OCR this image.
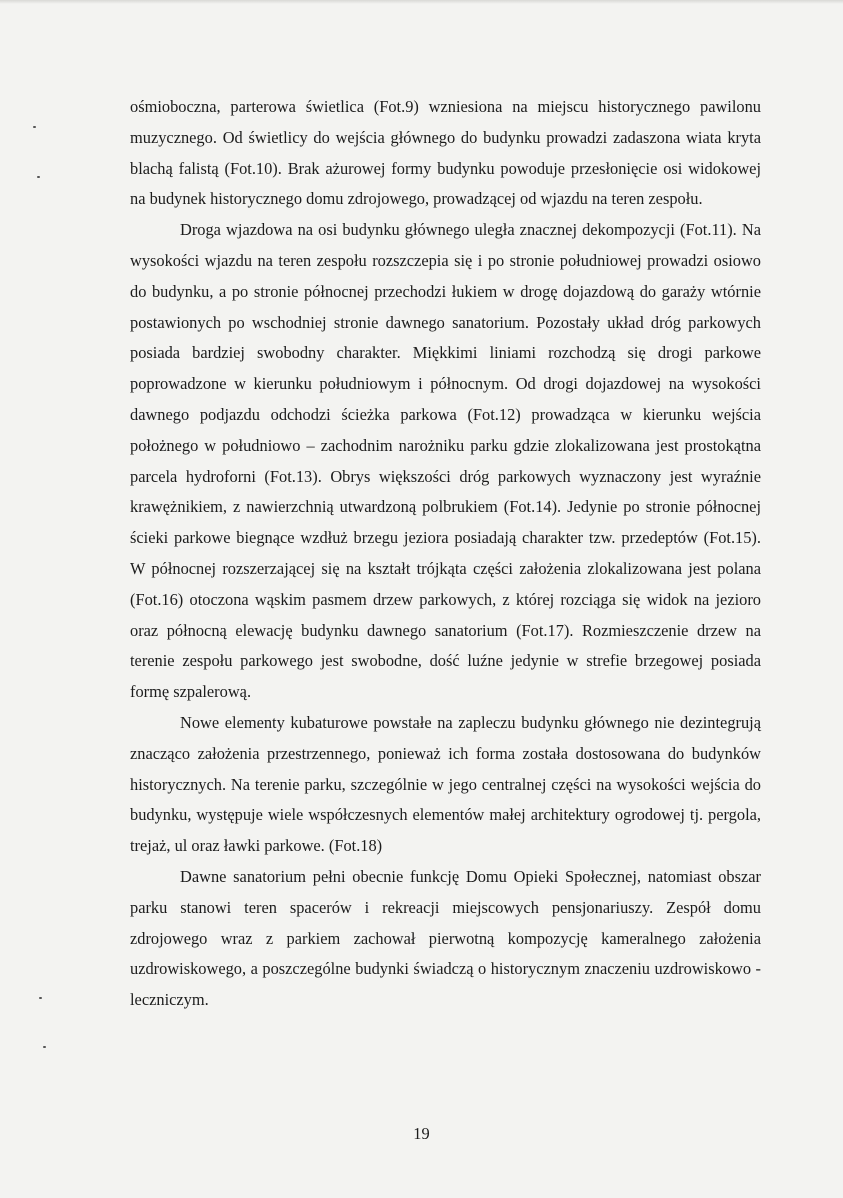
ośmioboczna, parterowa świetlica (Fot.9) wzniesiona na miejscu historycznego pawilonu muzycznego. Od świetlicy do wejścia głównego do budynku prowadzi zadaszona wiata kryta blachą falistą (Fot.10). Brak ażurowej formy budynku powoduje przesłonięcie osi widokowej na budynek historycznego domu zdrojowego, prowadzącej od wjazdu na teren zespołu.

Droga wjazdowa na osi budynku głównego uległa znacznej dekompozycji (Fot.11). Na wysokości wjazdu na teren zespołu rozszczepia się i po stronie południowej prowadzi osiowo do budynku, a po stronie północnej przechodzi łukiem w drogę dojazdową do garaży wtórnie postawionych po wschodniej stronie dawnego sanatorium. Pozostały układ dróg parkowych posiada bardziej swobodny charakter. Miękkimi liniami rozchodzą się drogi parkowe poprowadzone w kierunku południowym i północnym. Od drogi dojazdowej na wysokości dawnego podjazdu odchodzi ścieżka parkowa (Fot.12) prowadząca w kierunku wejścia położnego w południowo – zachodnim narożniku parku gdzie zlokalizowana jest prostokątna parcela hydroforni (Fot.13). Obrys większości dróg parkowych wyznaczony jest wyraźnie krawężnikiem, z nawierzchnią utwardzoną polbrukiem (Fot.14). Jedynie po stronie północnej ścieki parkowe biegnące wzdłuż brzegu jeziora posiadają charakter tzw. przedeptów (Fot.15). W północnej rozszerzającej się na kształt trójkąta części założenia zlokalizowana jest polana (Fot.16) otoczona wąskim pasmem drzew parkowych, z której rozciąga się widok na jezioro oraz północną elewację budynku dawnego sanatorium (Fot.17). Rozmieszczenie drzew na terenie zespołu parkowego jest swobodne, dość luźne jedynie w strefie brzegowej posiada formę szpalerową.

Nowe elementy kubaturowe powstałe na zapleczu budynku głównego nie dezintegrują znacząco założenia przestrzennego, ponieważ ich forma została dostosowana do budynków historycznych. Na terenie parku, szczególnie w jego centralnej części na wysokości wejścia do budynku, występuje wiele współczesnych elementów małej architektury ogrodowej tj. pergola, trejaż, ul oraz ławki parkowe. (Fot.18)

Dawne sanatorium pełni obecnie funkcję Domu Opieki Społecznej, natomiast obszar parku stanowi teren spacerów i rekreacji miejscowych pensjonariuszy. Zespół domu zdrojowego wraz z parkiem zachował pierwotną kompozycję kameralnego założenia uzdrowiskowego, a poszczególne budynki świadczą o historycznym znaczeniu uzdrowiskowo - leczniczym.

19
